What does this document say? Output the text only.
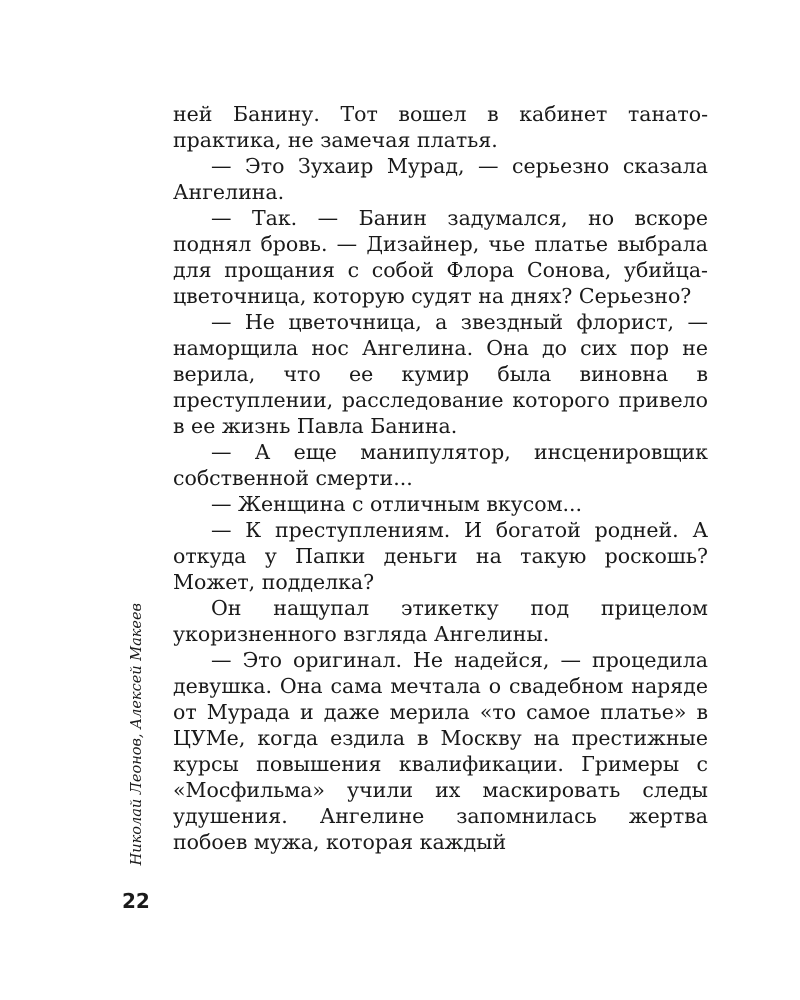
ней Банину. Тот вошел в кабинет танато-практика, не замечая платья.

— Это Зухаир Мурад, — серьезно сказала Ангелина.

— Так. — Банин задумался, но вскоре поднял бровь. — Дизайнер, чье платье выбрала для прощания с собой Флора Сонова, убийца-цветочница, которую судят на днях? Серьезно?

— Не цветочница, а звездный флорист, — наморщила нос Ангелина. Она до сих пор не верила, что ее кумир была виновна в преступлении, расследование которого привело в ее жизнь Павла Банина.

— А еще манипулятор, инсценировщик собственной смерти...

— Женщина с отличным вкусом...

— К преступлениям. И богатой родней. А откуда у Папки деньги на такую роскошь? Может, подделка?

Он нащупал этикетку под прицелом укоризненного взгляда Ангелины.

— Это оригинал. Не надейся, — процедила девушка. Она сама мечтала о свадебном наряде от Мурада и даже мерила «то самое платье» в ЦУМе, когда ездила в Москву на престижные курсы повышения квалификации. Гримеры с «Мосфильма» учили их маскировать следы удушения. Ангелине запомнилась жертва побоев мужа, которая каждый

Николай Леонов, Алексей Макеев
22
